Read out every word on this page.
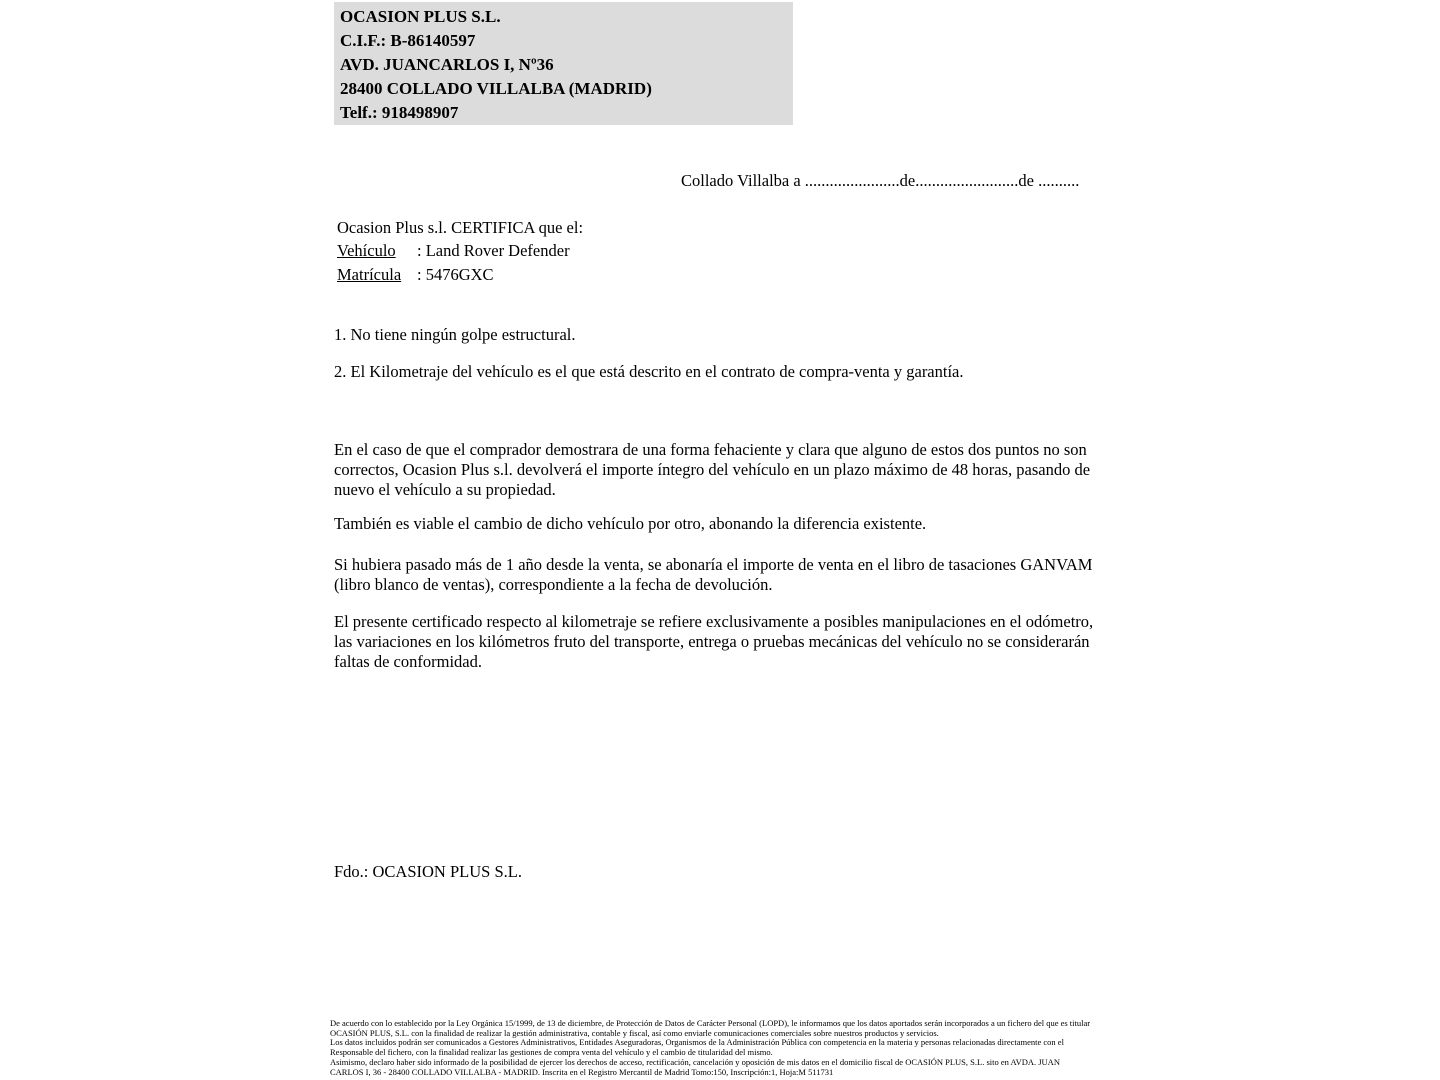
OCASION PLUS S.L.
C.I.F.: B-86140597
AVD. JUANCARLOS I, Nº36
28400 COLLADO VILLALBA (MADRID)
Telf.: 918498907
Collado Villalba a .......................de.........................de ..........
Ocasion Plus s.l. CERTIFICA que el:
Vehículo : Land Rover Defender
Matrícula : 5476GXC
1. No tiene ningún golpe estructural.
2. El Kilometraje del vehículo es el que está descrito en el contrato de compra-venta y garantía.
En el caso de que el comprador demostrara de una forma fehaciente y clara que alguno de estos dos puntos no son correctos, Ocasion Plus s.l. devolverá el importe íntegro del vehículo en un plazo máximo de 48 horas, pasando de nuevo el vehículo a su propiedad.
También es viable el cambio de dicho vehículo por otro, abonando la diferencia existente.
Si hubiera pasado más de 1 año desde la venta, se abonaría el importe de venta en el libro de tasaciones GANVAM (libro blanco de ventas), correspondiente a la fecha de devolución.
El presente certificado respecto al kilometraje se refiere exclusivamente a posibles manipulaciones en el odómetro, las variaciones en los kilómetros fruto del transporte, entrega o pruebas mecánicas del vehículo no se considerarán faltas de conformidad.
Fdo.: OCASION PLUS S.L.
De acuerdo con lo establecido por la Ley Orgánica 15/1999, de 13 de diciembre, de Protección de Datos de Carácter Personal (LOPD), le informamos que los datos aportados serán incorporados a un fichero del que es titular
OCASIÓN PLUS, S.L. con la finalidad de realizar la gestión administrativa, contable y fiscal, así como enviarle comunicaciones comerciales sobre nuestros productos y servicios.
Los datos incluidos podrán ser comunicados a Gestores Administrativos, Entidades Aseguradoras, Organismos de la Administración Pública con competencia en la materia y personas relacionadas directamente con el
Responsable del fichero, con la finalidad realizar las gestiones de compra venta del vehículo y el cambio de titularidad del mismo.
Asimismo, declaro haber sido informado de la posibilidad de ejercer los derechos de acceso, rectificación, cancelación y oposición de mis datos en el domicilio fiscal de OCASIÓN PLUS, S.L. sito en AVDA. JUAN
CARLOS I, 36 - 28400 COLLADO VILLALBA - MADRID. Inscrita en el Registro Mercantil de Madrid Tomo:150, Inscripción:1, Hoja:M 511731
